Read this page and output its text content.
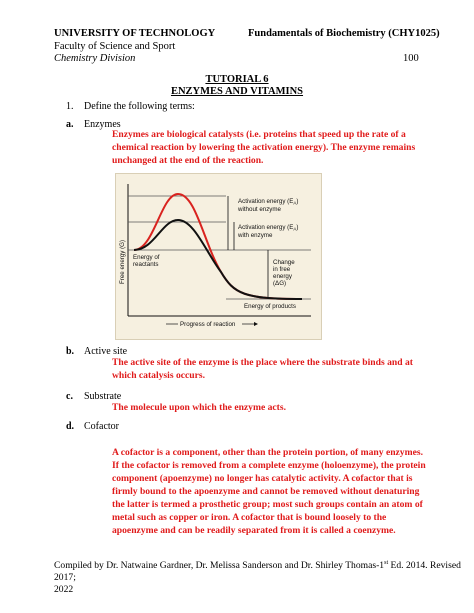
UNIVERSITY OF TECHNOLOGY	Fundamentals of Biochemistry (CHY1025)
Faculty of Science and Sport
Chemistry Division	100
TUTORIAL 6
ENZYMES AND VITAMINS
1. Define the following terms:
a. Enzymes
Enzymes are biological catalysts (i.e. proteins that speed up the rate of a
chemical reaction by lowering the activation energy). The enzyme remains
unchanged at the end of the reaction.
Activation energy $(E_A)$
without enzyme
Activation energy $(E_A)$
with enzyme
Energy of
reactants	Change
in free
energy
(ΔG)
Energy of products
Progress of reaction
Free energy (G)
b. Active site
The active site of the enzyme is the place where the substrate binds and at
which catalysis occurs.
c. Substrate
The molecule upon which the enzyme acts.
d. Cofactor
A cofactor is a component, other than the protein portion, of many enzymes.
If the cofactor is removed from a complete enzyme (holoenzyme), the protein
component (apoenzyme) no longer has catalytic activity. A cofactor that is
firmly bound to the apoenzyme and cannot be removed without denaturing
the latter is termed a prosthetic group; most such groups contain an atom of
metal such as copper or iron. A cofactor that is bound loosely to the
apoenzyme and can be readily separated from it is called a coenzyme.
Compiled by Dr. Natwaine Gardner, Dr. Melissa Sanderson and Dr. Shirley Thomas-1st Ed. 2014. Revised 2017;
2022
